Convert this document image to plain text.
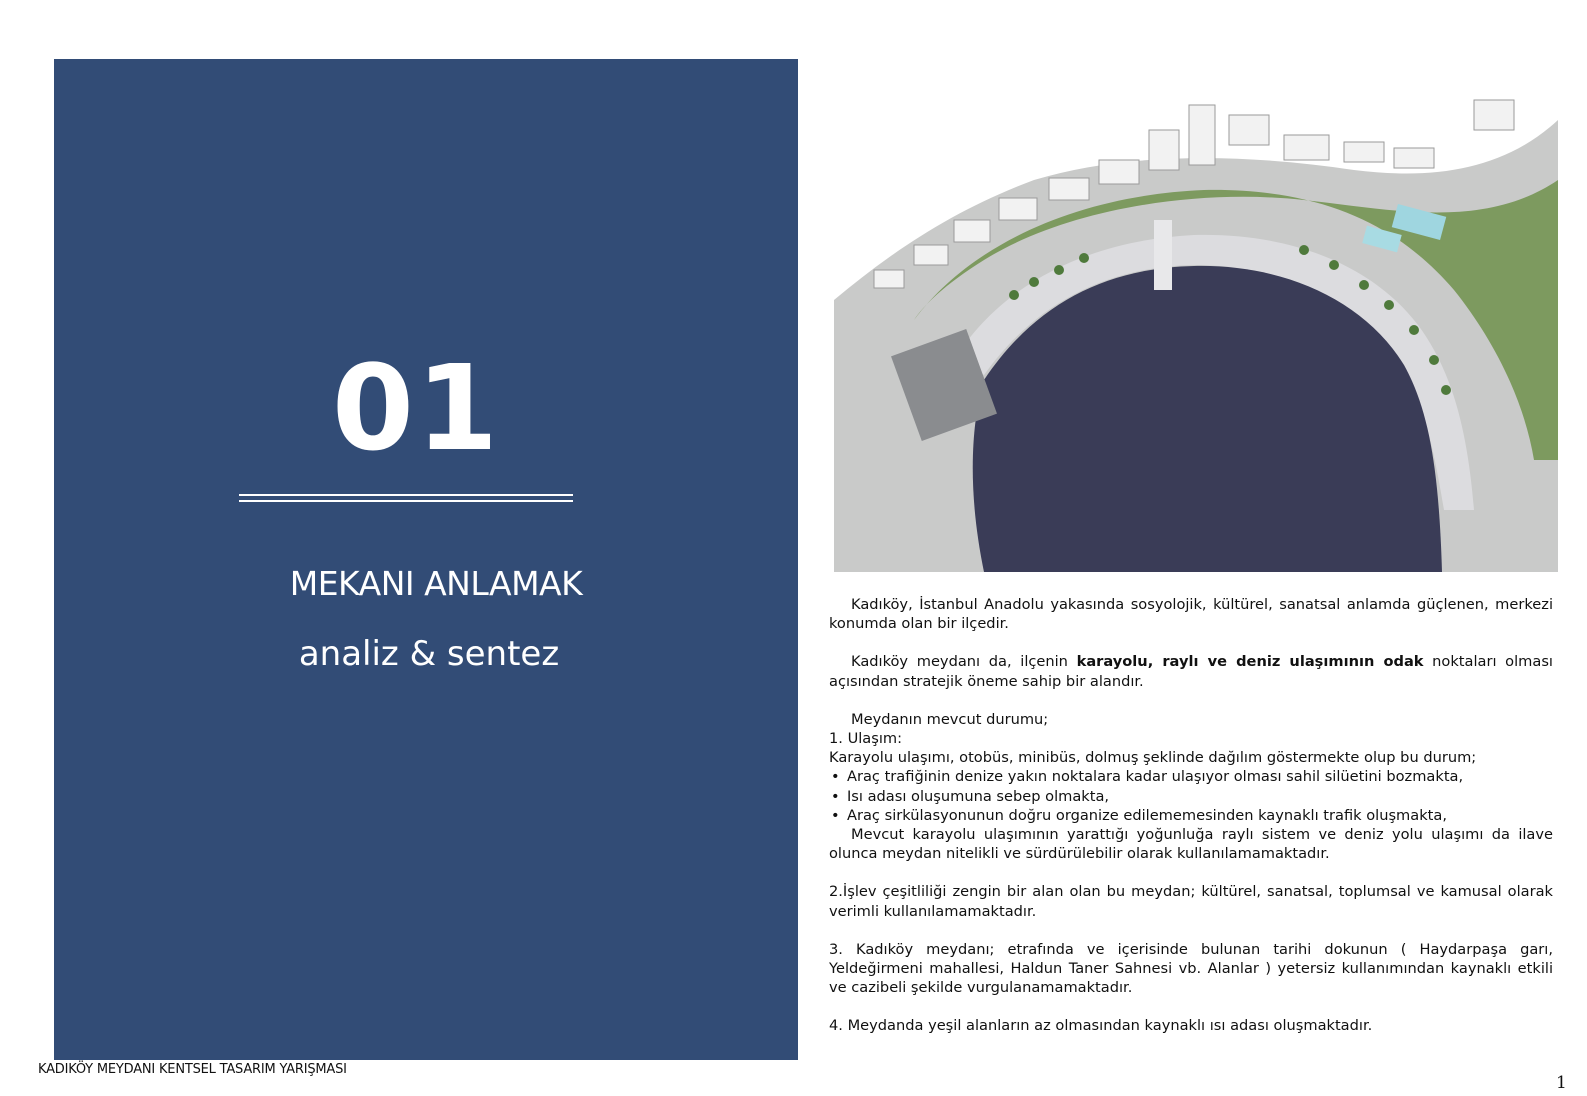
01
MEKANI ANLAMAK
analiz & sentez

Kadıköy, İstanbul Anadolu yakasında sosyolojik, kültürel, sanatsal anlamda güçlenen, merkezi konumda olan bir ilçedir.

Kadıköy meydanı da, ilçenin karayolu, raylı ve deniz ulaşımının odak noktaları olması açısından stratejik öneme sahip bir alandır.

Meydanın mevcut durumu;

1. Ulaşım:

Karayolu ulaşımı, otobüs, minibüs, dolmuş şeklinde dağılım göstermekte olup bu durum;

• Araç trafiğinin denize yakın noktalara kadar ulaşıyor olması sahil silüetini bozmakta,

• Isı adası oluşumuna sebep olmakta,

• Araç sirkülasyonunun doğru organize edilememesinden kaynaklı trafik oluşmakta,

Mevcut karayolu ulaşımının yarattığı yoğunluğa raylı sistem ve deniz yolu ulaşımı da ilave olunca meydan nitelikli ve sürdürülebilir olarak kullanılamamaktadır.

2.İşlev çeşitliliği zengin bir alan olan bu meydan; kültürel, sanatsal, toplumsal ve kamusal olarak verimli kullanılamamaktadır.

3. Kadıköy meydanı; etrafında ve içerisinde bulunan tarihi dokunun ( Haydarpaşa garı, Yeldeğirmeni mahallesi, Haldun Taner Sahnesi vb. Alanlar ) yetersiz kullanımından kaynaklı etkili ve cazibeli şekilde vurgulanamamaktadır.

4. Meydanda yeşil alanların az olmasından kaynaklı ısı adası oluşmaktadır.

KADIKÖY MEYDANI KENTSEL TASARIM YARIŞMASI
1
